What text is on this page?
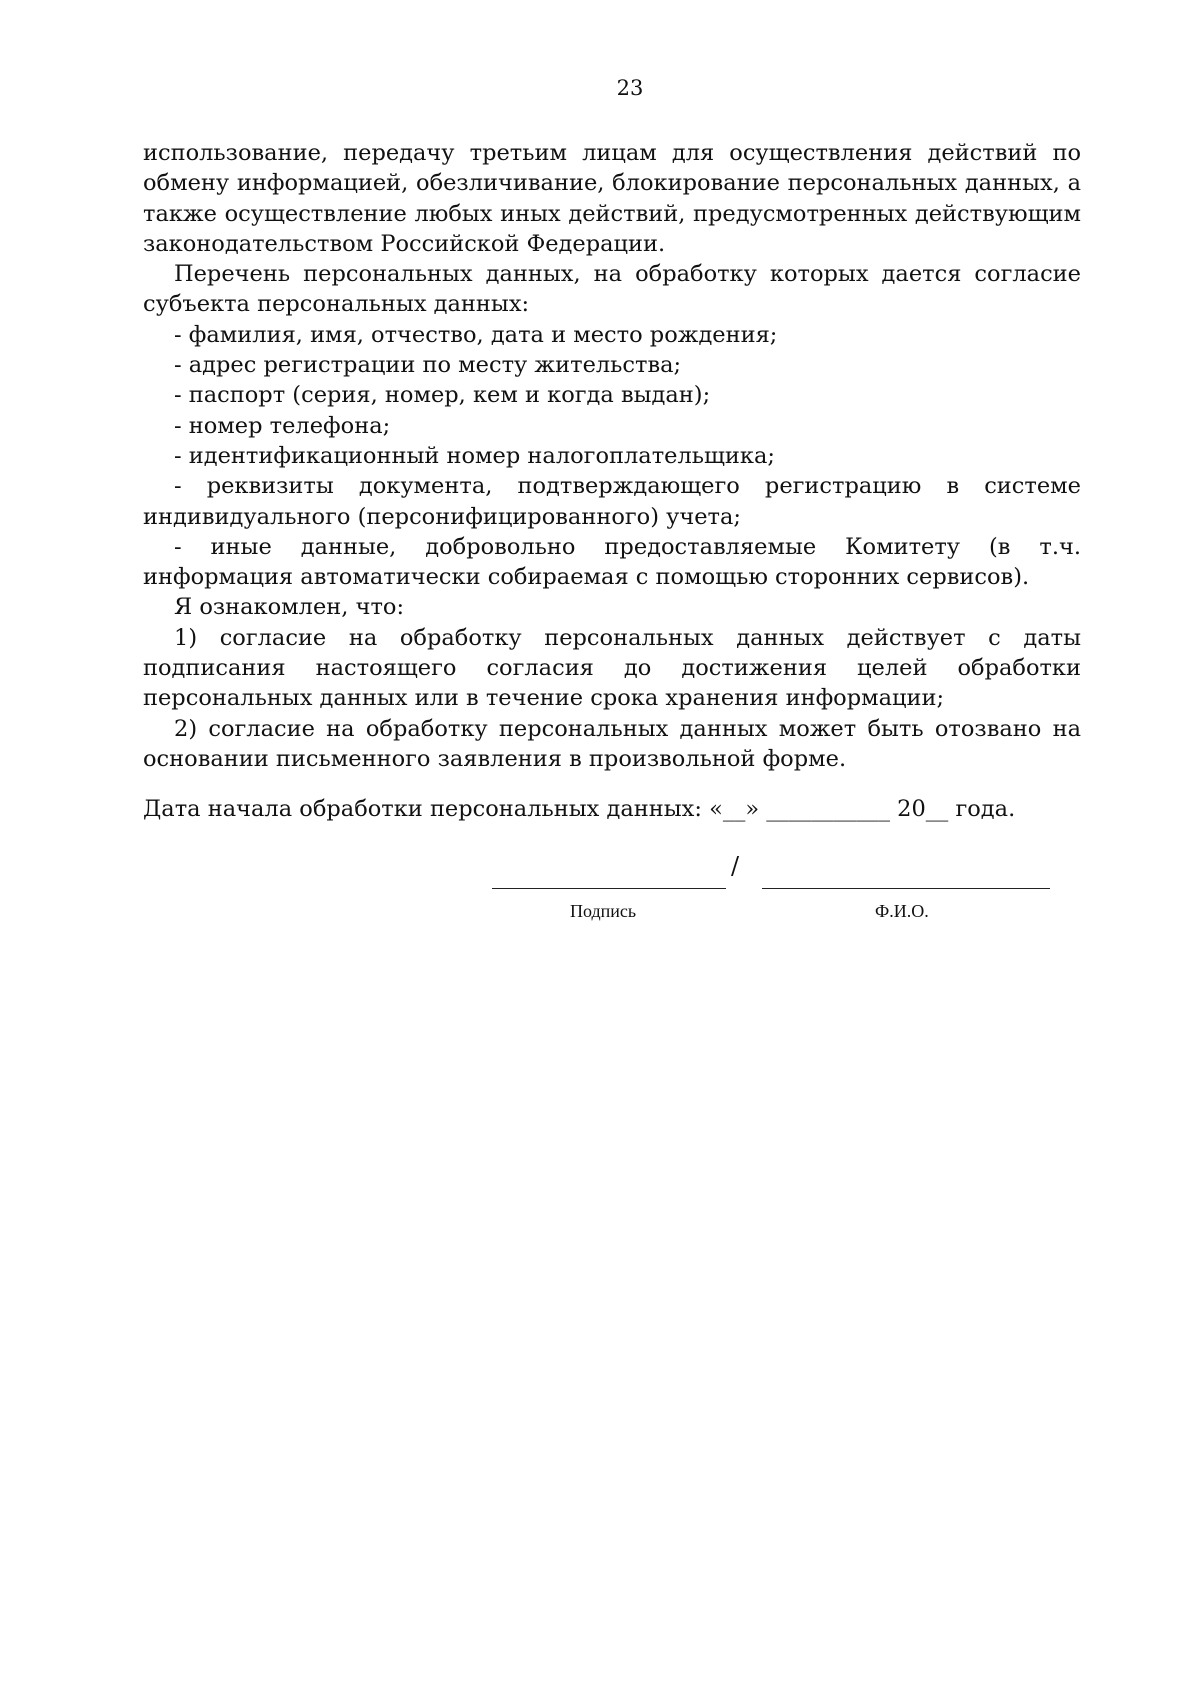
23

использование, передачу третьим лицам для осуществления действий по обмену информацией, обезличивание, блокирование персональных данных, а также осуществление любых иных действий, предусмотренных действующим законодательством Российской Федерации.

Перечень персональных данных, на обработку которых дается согласие субъекта персональных данных:

- фамилия, имя, отчество, дата и место рождения;

- адрес регистрации по месту жительства;

- паспорт (серия, номер, кем и когда выдан);

- номер телефона;

- идентификационный номер налогоплательщика;

- реквизиты документа, подтверждающего регистрацию в системе индивидуального (персонифицированного) учета;

- иные данные, добровольно предоставляемые Комитету (в т.ч. информация автоматически собираемая с помощью сторонних сервисов).

Я ознакомлен, что:

1) согласие на обработку персональных данных действует с даты подписания настоящего согласия до достижения целей обработки персональных данных или в течение срока хранения информации;

2) согласие на обработку персональных данных может быть отозвано на основании письменного заявления в произвольной форме.

Дата начала обработки персональных данных: «__» ___________ 20__ года.
/
Подпись	Ф.И.О.
